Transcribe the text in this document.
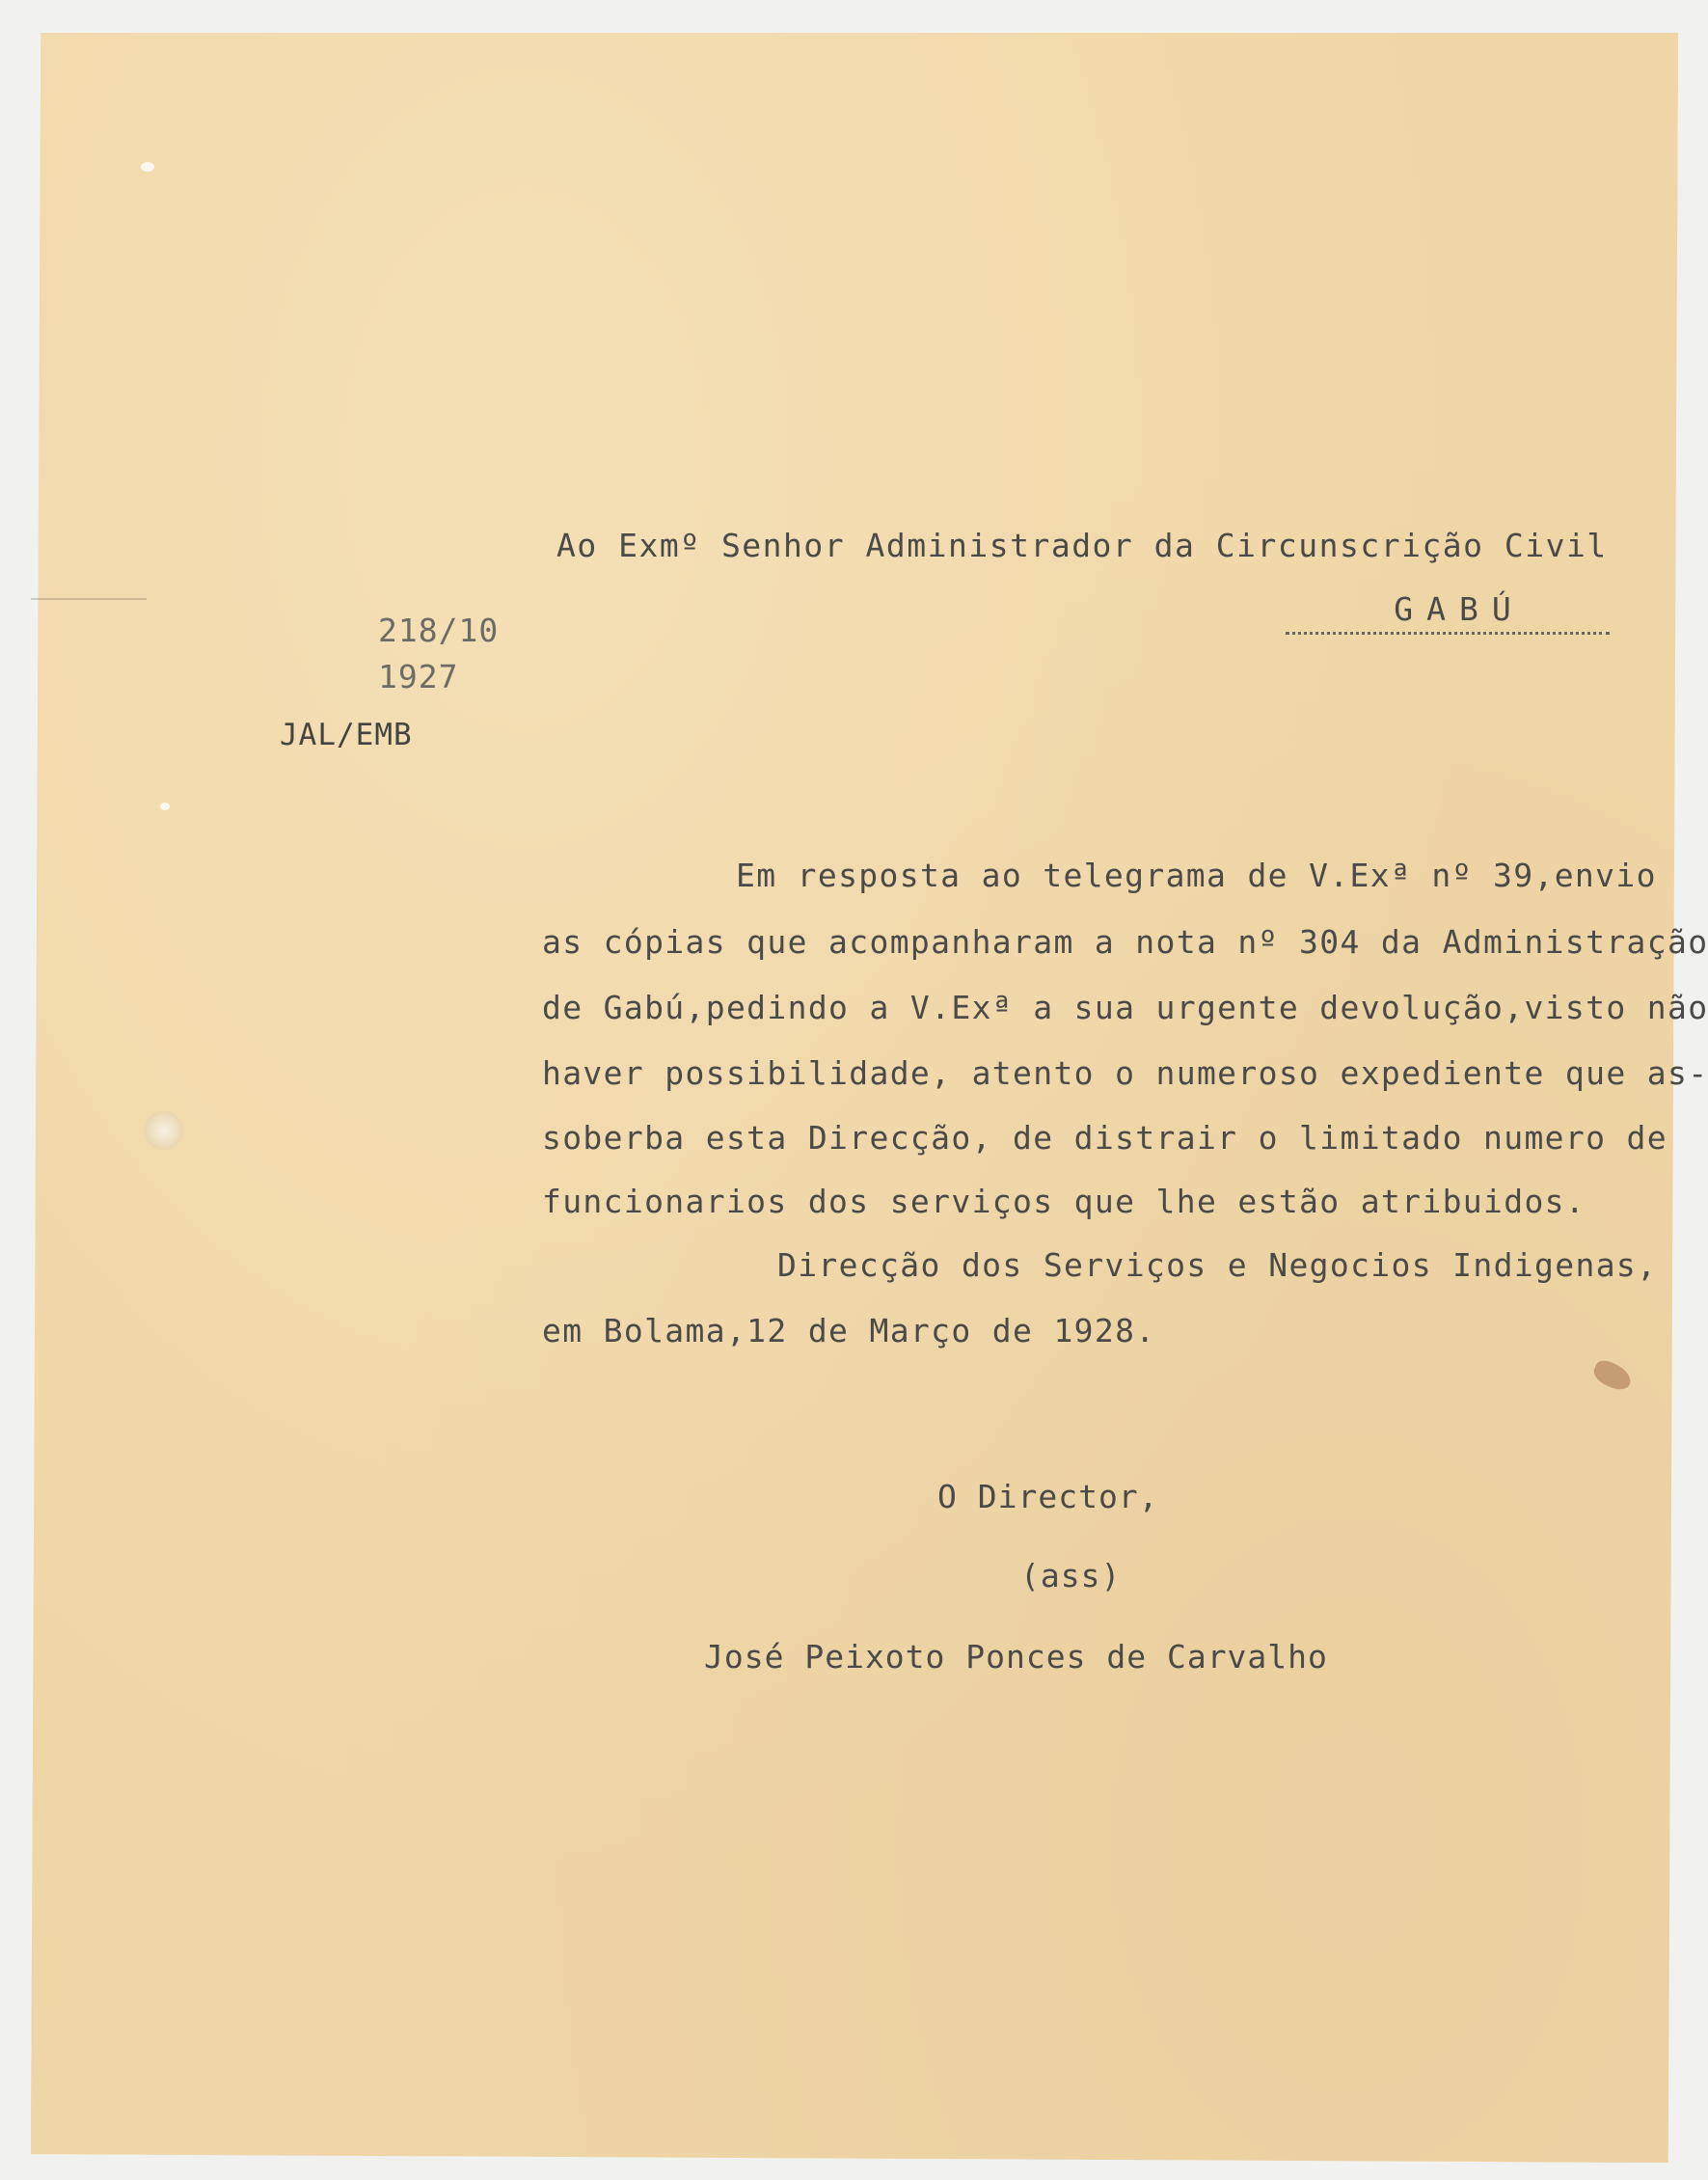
Ao Exmº Senhor Administrador da Circunscrição Civil

GABÚ

218/10

1927

JAL/EMB

Em resposta ao telegrama de V.Exª nº 39,envio

as cópias que acompanharam a nota nº 304 da Administração

de Gabú,pedindo a V.Exª a sua urgente devolução,visto não

haver possibilidade, atento o numeroso expediente que as-

soberba esta Direcção, de distrair o limitado numero de

funcionarios dos serviços que lhe estão atribuidos.

Direcção dos Serviços e Negocios Indigenas,

em Bolama,12 de Março de 1928.

O Director,

(ass)

José Peixoto Ponces de Carvalho
